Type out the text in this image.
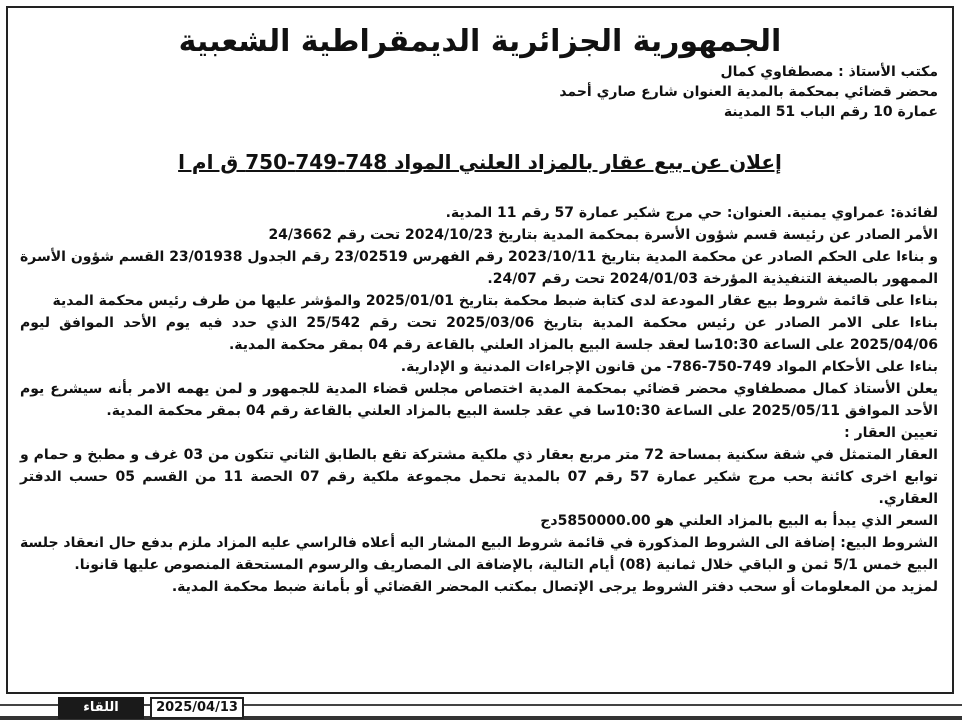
الجمهورية الجزائرية الديمقراطية الشعبية
مكتب الأستاذ : مصطفاوي كمال
محضر قضائي بمحكمة بالمدية العنوان شارع صاري أحمد
عمارة 10 رقم الباب 51 المدينة
إعلان عن بيع عقار بالمزاد العلني المواد 748-749-750 ق ام ا

لفائدة: عمراوي يمنية. العنوان: حي مرج شكير عمارة 57 رقم 11 المدية.

الأمر الصادر عن رئيسة قسم شؤون الأسرة بمحكمة المدية بتاريخ 2024/10/23 تحت رقم 24/3662

و بناءا على الحكم الصادر عن محكمة المدية بتاريخ 2023/10/11 رقم الفهرس 23/02519 رقم الجدول 23/01938 القسم شؤون الأسرة الممهور بالصيغة التنفيذية المؤرخة 2024/01/03 تحت رقم 24/07.

بناءا على قائمة شروط بيع عقار المودعة لدى كتابة ضبط محكمة بتاريخ 2025/01/01 والمؤشر عليها من طرف رئيس محكمة المدية

بناءا على الامر الصادر عن رئيس محكمة المدية بتاريخ 2025/03/06 تحت رقم 25/542 الذي حدد فيه يوم الأحد الموافق ليوم 2025/04/06 على الساعة 10:30سا لعقد جلسة البيع بالمزاد العلني بالقاعة رقم 04 بمقر محكمة المدية.

بناءا على الأحكام المواد 749-750-786- من قانون الإجراءات المدنية و الإدارية.

يعلن الأستاذ كمال مصطفاوي محضر قضائي بمحكمة المدية اختصاص مجلس قضاء المدية للجمهور و لمن يهمه الامر بأنه سيشرع يوم الأحد الموافق 2025/05/11 على الساعة 10:30سا في عقد جلسة البيع بالمزاد العلني بالقاعة رقم 04 بمقر محكمة المدية.

تعيين العقار :

العقار المتمثل في شقة سكنية بمساحة 72 متر مربع بعقار ذي ملكية مشتركة تقع بالطابق الثاني تتكون من 03 غرف و مطبخ و حمام و توابع اخرى كائنة بحب مرج شكير عمارة 57 رقم 07 بالمدية تحمل مجموعة ملكية رقم 07 الحصة 11 من القسم 05 حسب الدفتر العقاري.

السعر الذي يبدأ به البيع بالمزاد العلني هو 5850000.00دج

الشروط البيع: إضافة الى الشروط المذكورة في قائمة شروط البيع المشار اليه أعلاه فالراسي عليه المزاد ملزم بدفع حال انعقاد جلسة البيع خمس 5/1 ثمن و الباقي خلال ثمانية (08) أيام التالية، بالإضافة الى المصاريف والرسوم المستحقة المنصوص عليها قانونا.

لمزيد من المعلومات أو سحب دفتر الشروط يرجى الإتصال بمكتب المحضر القضائي أو بأمانة ضبط محكمة المدية.

2025/04/13
اللقاء
